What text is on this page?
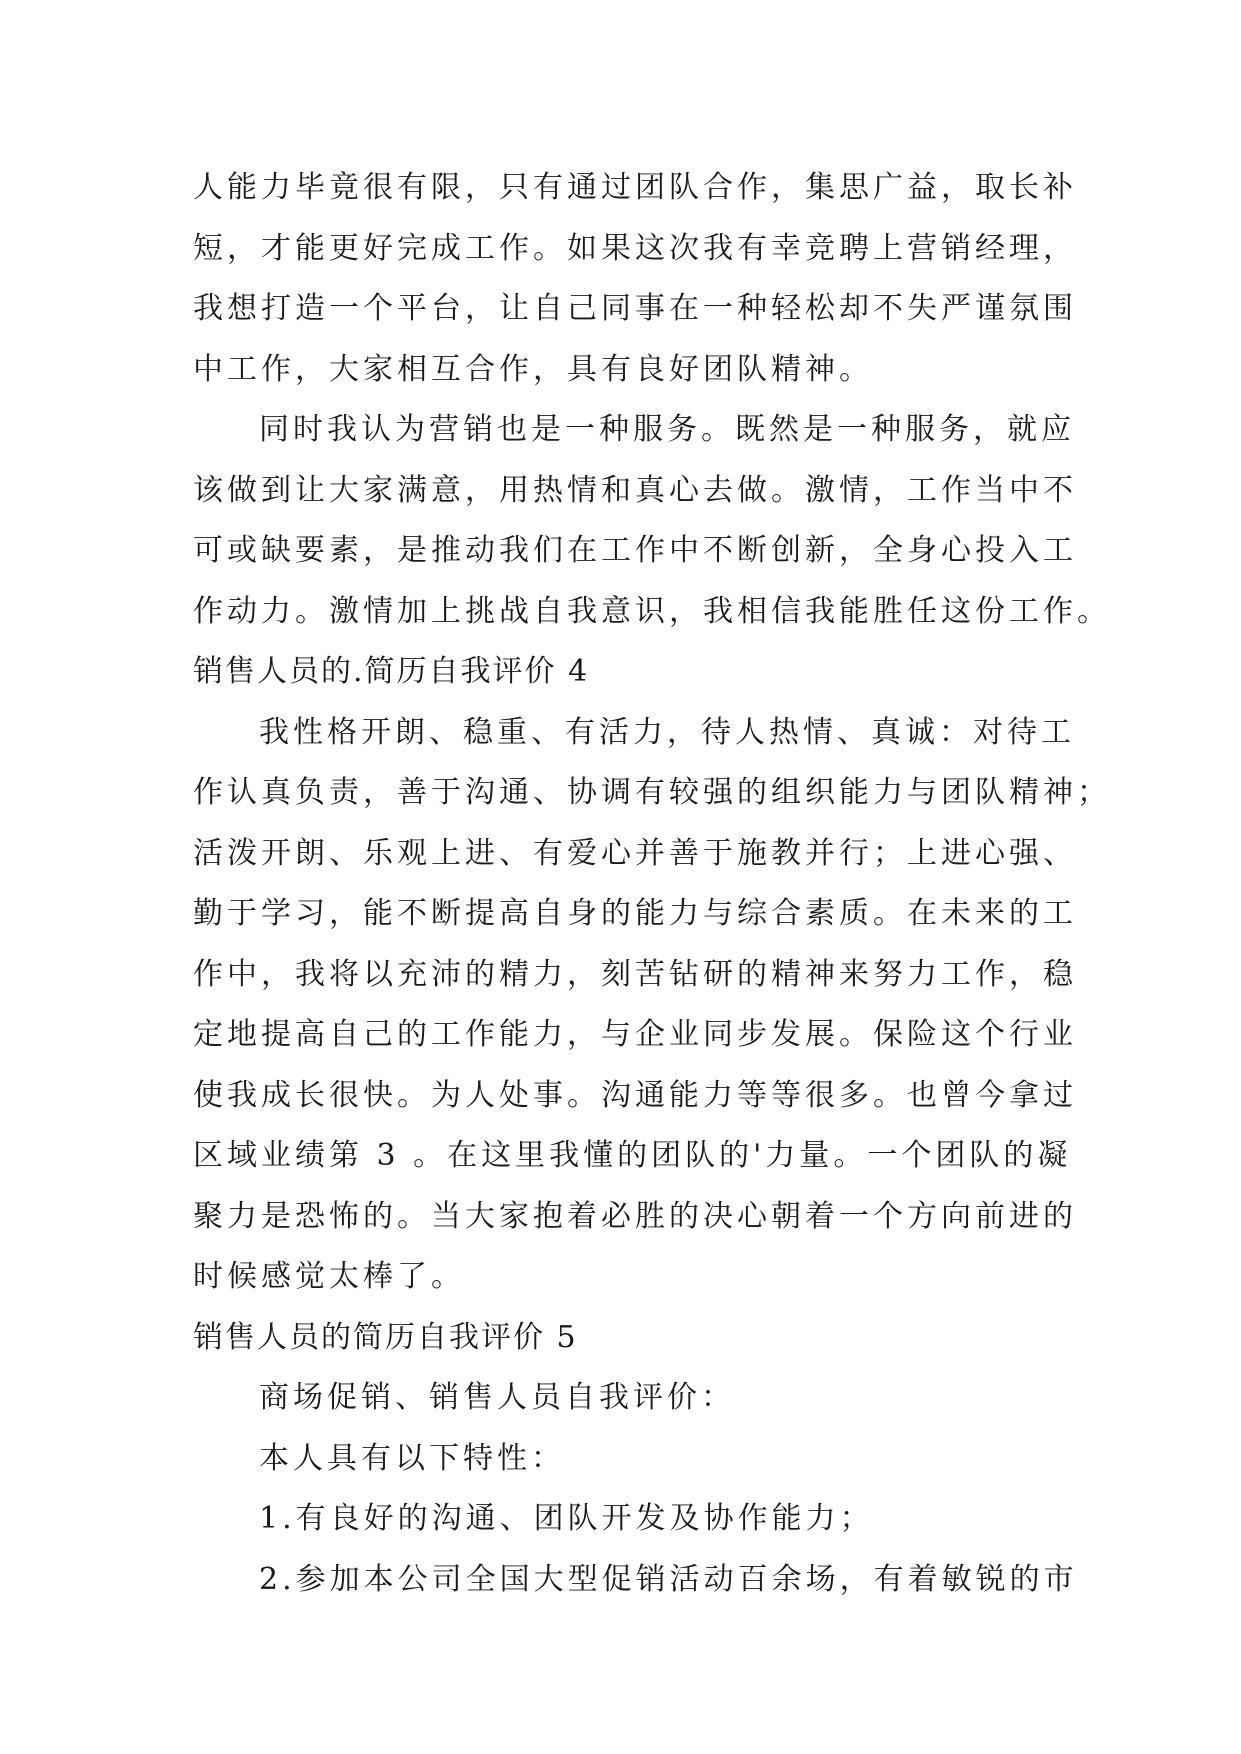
人能力毕竟很有限，只有通过团队合作，集思广益，取长补
短，才能更好完成工作。如果这次我有幸竞聘上营销经理，
我想打造一个平台，让自己同事在一种轻松却不失严谨氛围
中工作，大家相互合作，具有良好团队精神。
同时我认为营销也是一种服务。既然是一种服务，就应
该做到让大家满意，用热情和真心去做。激情，工作当中不
可或缺要素，是推动我们在工作中不断创新，全身心投入工
作动力。激情加上挑战自我意识，我相信我能胜任这份工作。
销售人员的.简历自我评价 4
我性格开朗、稳重、有活力，待人热情、真诚：对待工
作认真负责，善于沟通、协调有较强的组织能力与团队精神；
活泼开朗、乐观上进、有爱心并善于施教并行；上进心强、
勤于学习，能不断提高自身的能力与综合素质。在未来的工
作中，我将以充沛的精力，刻苦钻研的精神来努力工作，稳
定地提高自己的工作能力，与企业同步发展。保险这个行业
使我成长很快。为人处事。沟通能力等等很多。也曾今拿过
区域业绩第 3 。在这里我懂的团队的'力量。一个团队的凝
聚力是恐怖的。当大家抱着必胜的决心朝着一个方向前进的
时候感觉太棒了。
销售人员的简历自我评价 5
商场促销、销售人员自我评价：
本人具有以下特性：
1.有良好的沟通、团队开发及协作能力；
2.参加本公司全国大型促销活动百余场，有着敏锐的市
